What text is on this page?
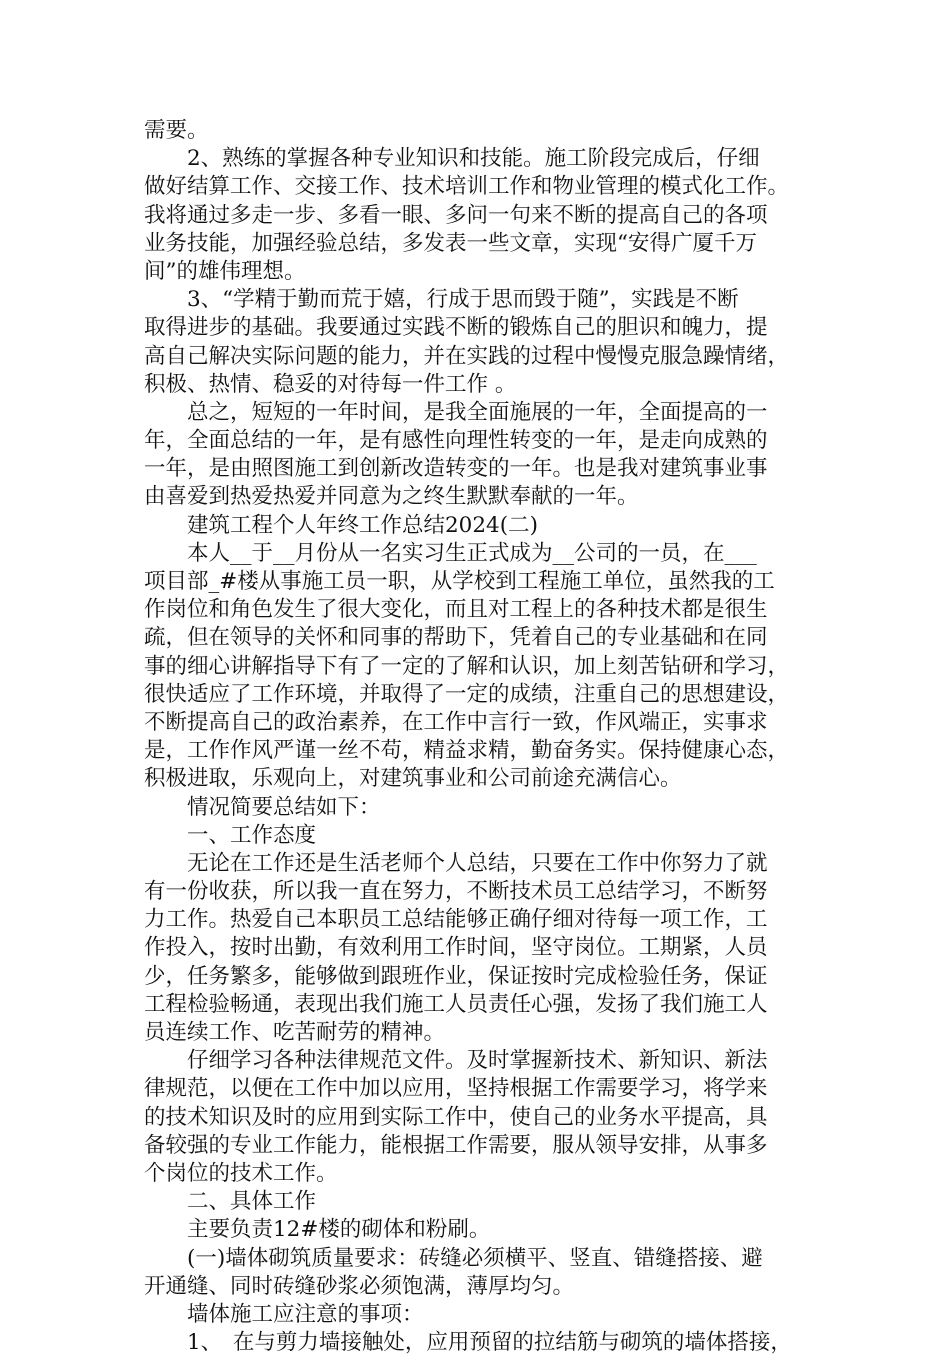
需要。
　　2、熟练的掌握各种专业知识和技能。施工阶段完成后，仔细
做好结算工作、交接工作、技术培训工作和物业管理的模式化工作。
我将通过多走一步、多看一眼、多问一句来不断的提高自己的各项
业务技能，加强经验总结，多发表一些文章，实现“安得广厦千万
间”的雄伟理想。
　　3、“学精于勤而荒于嬉，行成于思而毁于随”，实践是不断
取得进步的基础。我要通过实践不断的锻炼自己的胆识和魄力，提
高自己解决实际问题的能力，并在实践的过程中慢慢克服急躁情绪，
积极、热情、稳妥的对待每一件工作 。
　　总之，短短的一年时间，是我全面施展的一年，全面提高的一
年，全面总结的一年，是有感性向理性转变的一年，是走向成熟的
一年，是由照图施工到创新改造转变的一年。也是我对建筑事业事
由喜爱到热爱热爱并同意为之终生默默奉献的一年。
　　建筑工程个人年终工作总结2024(二)
　　本人__于__月份从一名实习生正式成为__公司的一员，在___
项目部_#楼从事施工员一职，从学校到工程施工单位，虽然我的工
作岗位和角色发生了很大变化，而且对工程上的各种技术都是很生
疏，但在领导的关怀和同事的帮助下，凭着自己的专业基础和在同
事的细心讲解指导下有了一定的了解和认识，加上刻苦钻研和学习，
很快适应了工作环境，并取得了一定的成绩，注重自己的思想建设，
不断提高自己的政治素养，在工作中言行一致，作风端正，实事求
是，工作作风严谨一丝不苟，精益求精，勤奋务实。保持健康心态，
积极进取，乐观向上，对建筑事业和公司前途充满信心。
　　情况简要总结如下：
　　一、工作态度
　　无论在工作还是生活老师个人总结，只要在工作中你努力了就
有一份收获，所以我一直在努力，不断技术员工总结学习，不断努
力工作。热爱自己本职员工总结能够正确仔细对待每一项工作，工
作投入，按时出勤，有效利用工作时间，坚守岗位。工期紧，人员
少，任务繁多，能够做到跟班作业，保证按时完成检验任务，保证
工程检验畅通，表现出我们施工人员责任心强，发扬了我们施工人
员连续工作、吃苦耐劳的精神。
　　仔细学习各种法律规范文件。及时掌握新技术、新知识、新法
律规范，以便在工作中加以应用，坚持根据工作需要学习，将学来
的技术知识及时的应用到实际工作中，使自己的业务水平提高，具
备较强的专业工作能力，能根据工作需要，服从领导安排，从事多
个岗位的技术工作。
　　二、具体工作
　　主要负责12#楼的砌体和粉刷。
　　(一)墙体砌筑质量要求：砖缝必须横平、竖直、错缝搭接、避
开通缝、同时砖缝砂浆必须饱满，薄厚均匀。
　　墙体施工应注意的事项：
　　1、　在与剪力墙接触处，应用预留的拉结筋与砌筑的墙体搭接，
